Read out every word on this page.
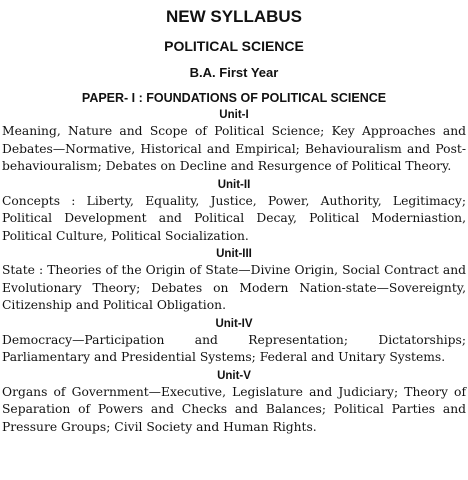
NEW SYLLABUS
POLITICAL SCIENCE
B.A. First Year
PAPER- I : FOUNDATIONS OF POLITICAL SCIENCE
Unit-I
Meaning, Nature and Scope of Political Science; Key Approaches and Debates—Normative, Historical and Empirical; Behaviouralism and Post-behaviouralism; Debates on Decline and Resurgence of Political Theory.
Unit-II
Concepts : Liberty, Equality, Justice, Power, Authority, Legitimacy; Political Development and Political Decay, Political Moderniastion, Political Culture, Political Socialization.
Unit-III
State : Theories of the Origin of State—Divine Origin, Social Contract and Evolutionary Theory; Debates on Modern Nation-state—Sovereignty, Citizenship and Political Obligation.
Unit-IV
Democracy—Participation and Representation; Dictatorships; Parliamentary and Presidential Systems; Federal and Unitary Systems.
Unit-V
Organs of Government—Executive, Legislature and Judiciary; Theory of Separation of Powers and Checks and Balances; Political Parties and Pressure Groups; Civil Society and Human Rights.
